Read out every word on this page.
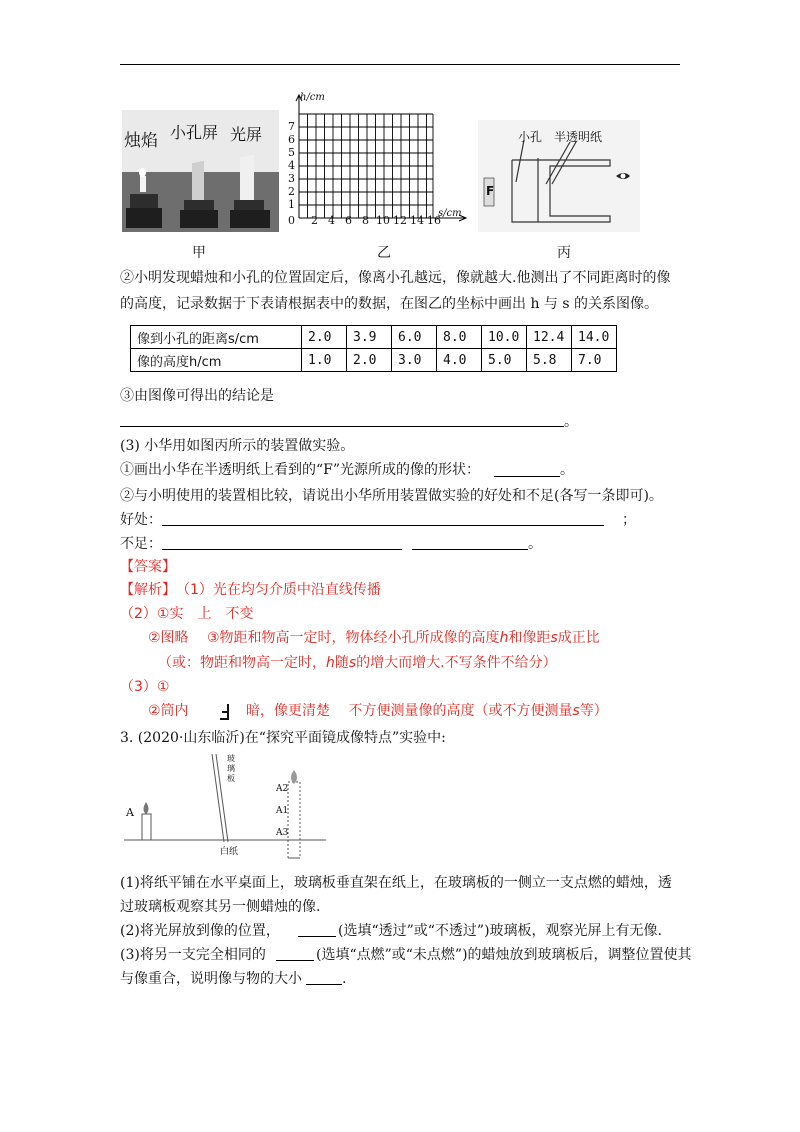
烛焰 小孔屏 光屏
h/cm
s/cm
0
1
2
3
4
5
6
7
2 4 6 8 10 12 14 16
小孔 半透明纸
F
甲	乙	丙
②小明发现蜡烛和小孔的位置固定后，像离小孔越远，像就越大.他测出了不同距离时的像
的高度，记录数据于下表请根据表中的数据，在图乙的坐标中画出 h 与 s 的关系图像。
像到小孔的距离s/cm	2.0	3.9	6.0	8.0	10.0	12.4	14.0
像的高度h/cm	1.0	2.0	3.0	4.0	5.0	5.8	7.0
③由图像可得出的结论是
。
(3) 小华用如图丙所示的装置做实验。
①画出小华在半透明纸上看到的“F”光源所成的像的形状：	。
②与小明使用的装置相比较，请说出小华所用装置做实验的好处和不足(各写一条即可)。
好处：	；
不足：	。
【答案】
【解析】 （1）光在均匀介质中沿直线传播
（2）①实　上　不变
②图略　 ③物距和物高一定时，物体经小孔所成像的高度h和像距s成正比
（或：物距和物高一定时，h随s的增大而增大.不写条件不给分）
（3）①
②筒内	暗，像更清楚　 不方便测量像的高度（或不方便测量s等）
3. (2020·山东临沂)在“探究平面镜成像特点”实验中:
玻璃板
A
A2
A1
A3
白纸
(1)将纸平铺在水平桌面上，玻璃板垂直架在纸上，在玻璃板的一侧立一支点燃的蜡烛，透
过玻璃板观察其另一侧蜡烛的像.
(2)将光屏放到像的位置，	(选填“透过”或“不透过”)玻璃板，观察光屏上有无像.
(3)将另一支完全相同的	(选填“点燃”或“未点燃”)的蜡烛放到玻璃板后，调整位置使其
与像重合，说明像与物的大小	.
